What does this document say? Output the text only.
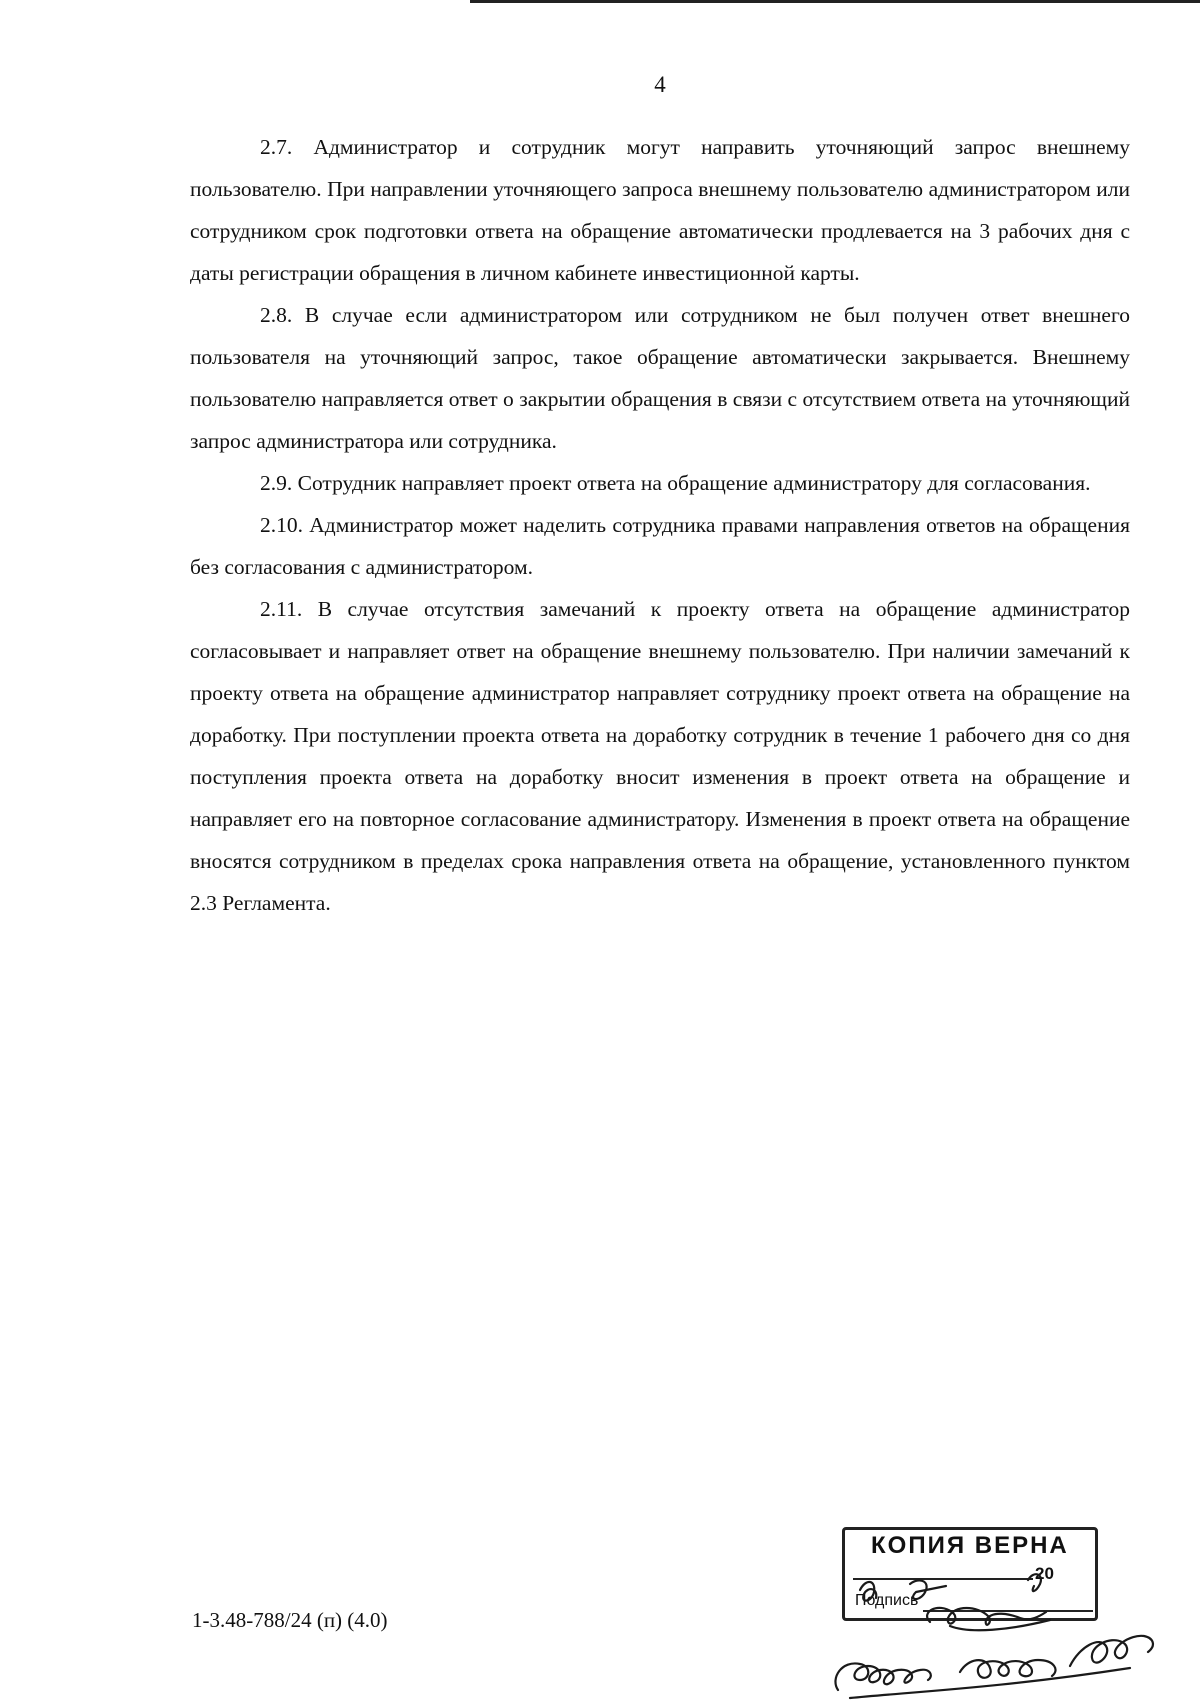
4

2.7. Администратор и сотрудник могут направить уточняющий запрос внешнему пользователю. При направлении уточняющего запроса внешнему пользователю администратором или сотрудником срок подготовки ответа на обращение автоматически продлевается на 3 рабочих дня с даты регистрации обращения в личном кабинете инвестиционной карты.

2.8. В случае если администратором или сотрудником не был получен ответ внешнего пользователя на уточняющий запрос, такое обращение автоматически закрывается. Внешнему пользователю направляется ответ о закрытии обращения в связи с отсутствием ответа на уточняющий запрос администратора или сотрудника.

2.9. Сотрудник направляет проект ответа на обращение администратору для согласования.

2.10. Администратор может наделить сотрудника правами направления ответов на обращения без согласования с администратором.

2.11. В случае отсутствия замечаний к проекту ответа на обращение администратор согласовывает и направляет ответ на обращение внешнему пользователю. При наличии замечаний к проекту ответа на обращение администратор направляет сотруднику проект ответа на обращение на доработку. При поступлении проекта ответа на доработку сотрудник в течение 1 рабочего дня со дня поступления проекта ответа на доработку вносит изменения в проект ответа на обращение и направляет его на повторное согласование администратору. Изменения в проект ответа на обращение вносятся сотрудником в пределах срока направления ответа на обращение, установленного пунктом 2.3 Регламента.

1-3.48-788/24 (п) (4.0)
КОПИЯ ВЕРНА
20
Подпись
